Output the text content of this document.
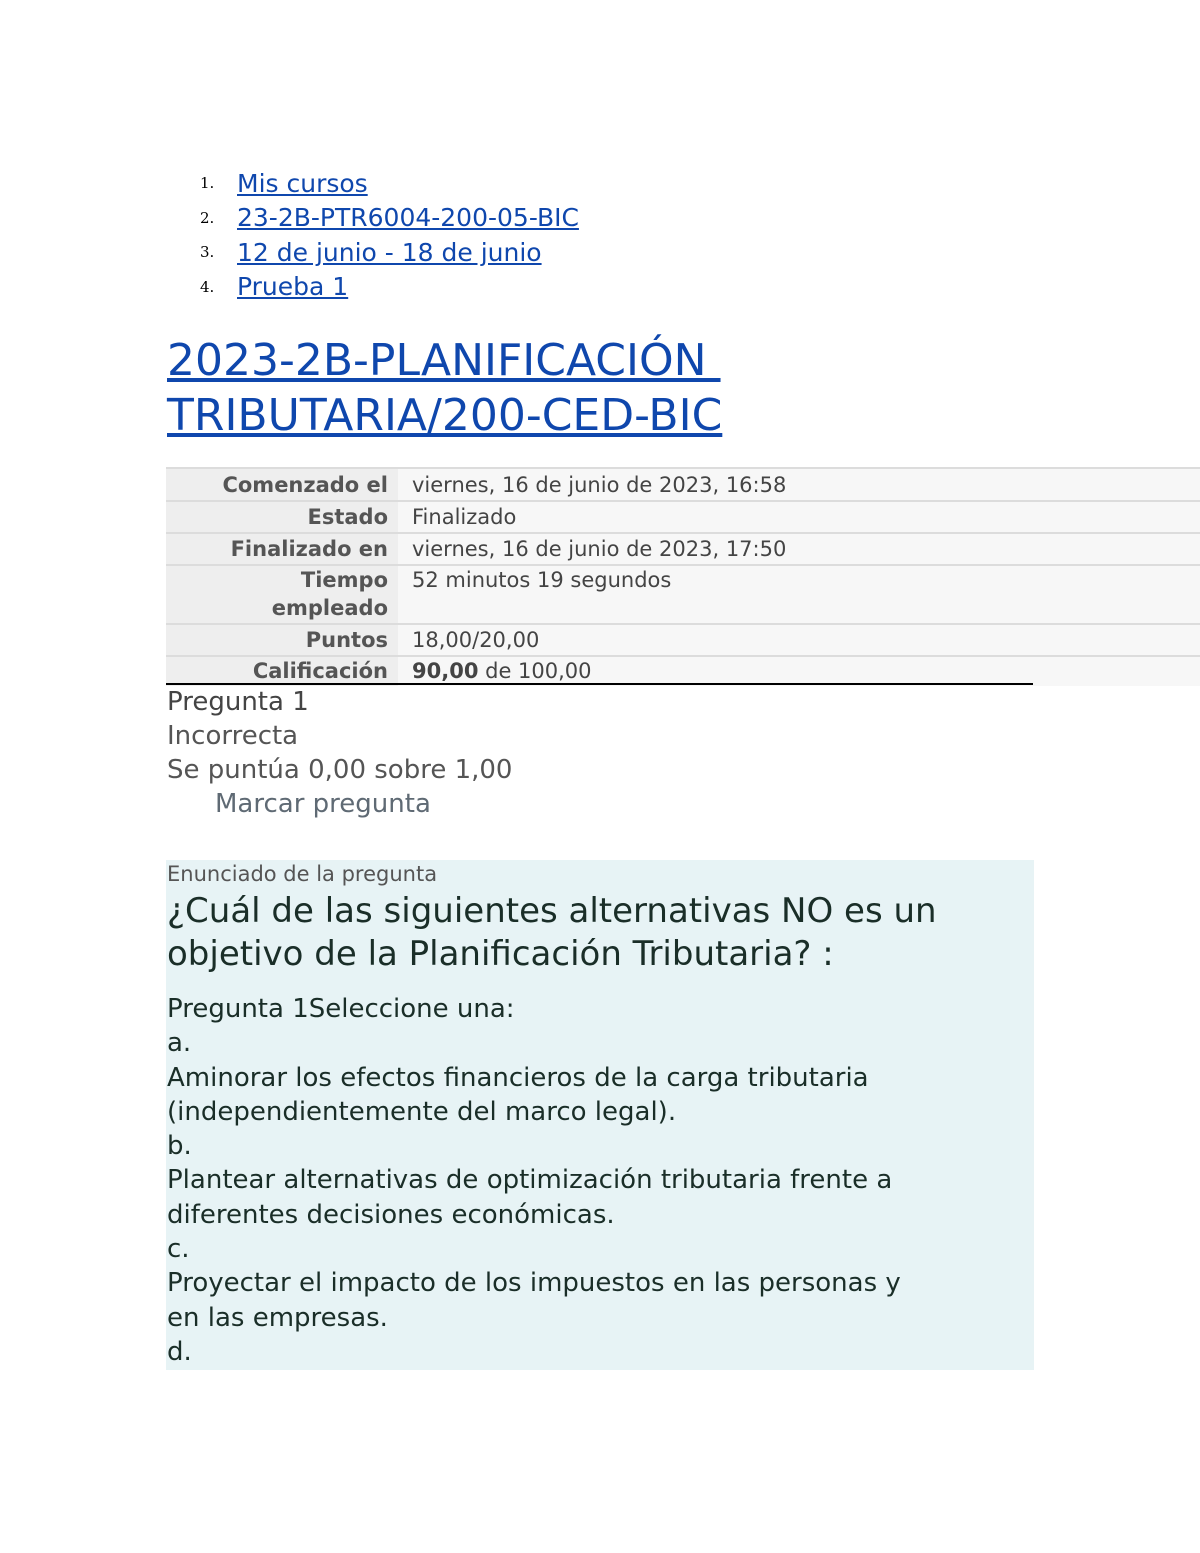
1. Mis cursos
2. 23-2B-PTR6004-200-05-BIC
3. 12 de junio - 18 de junio
4. Prueba 1
2023-2B-PLANIFICACIÓN
TRIBUTARIA/200-CED-BIC
Comenzado el	viernes, 16 de junio de 2023, 16:58
Estado	Finalizado
Finalizado en	viernes, 16 de junio de 2023, 17:50
Tiempo
empleado	52 minutos 19 segundos
Puntos	18,00/20,00
Calificación	90,00 de 100,00
Pregunta 1
Incorrecta
Se puntúa 0,00 sobre 1,00
Marcar pregunta
Enunciado de la pregunta
¿Cuál de las siguientes alternativas NO es un objetivo de la Planificación Tributaria? :
Pregunta 1Seleccione una:
a.
Aminorar los efectos financieros de la carga tributaria
(independientemente del marco legal).
b.
Plantear alternativas de optimización tributaria frente a
diferentes decisiones económicas.
c.
Proyectar el impacto de los impuestos en las personas y
en las empresas.
d.
